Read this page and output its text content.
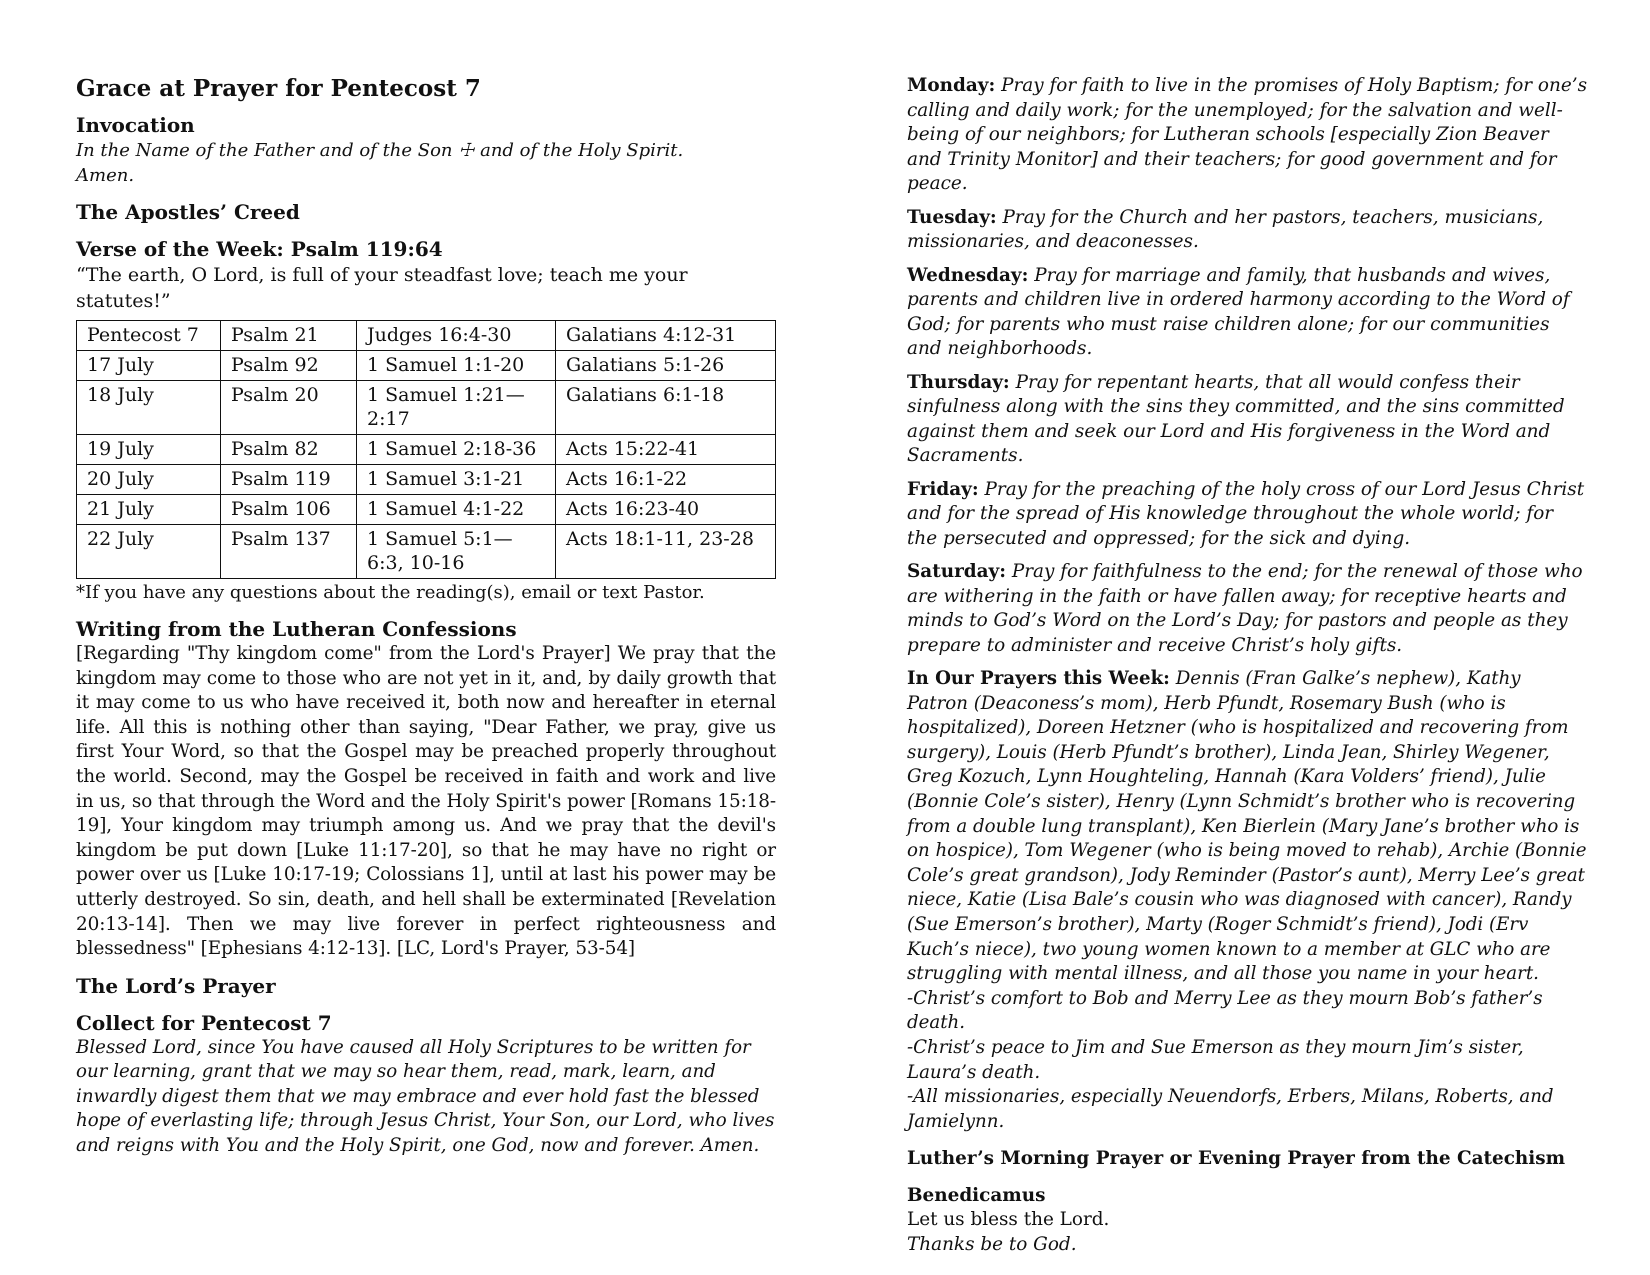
Grace at Prayer for Pentecost 7
Invocation

In the Name of the Father and of the Son ☩ and of the Holy Spirit.

Amen.

The Apostles’ Creed
Verse of the Week: Psalm 119:64

“The earth, O Lord, is full of your steadfast love; teach me your statutes!”

Pentecost 7	Psalm 21	Judges 16:4-30	Galatians 4:12-31
17 July	Psalm 92	1 Samuel 1:1-20	Galatians 5:1-26
18 July	Psalm 20	1 Samuel 1:21—2:17	Galatians 6:1-18
19 July	Psalm 82	1 Samuel 2:18-36	Acts 15:22-41
20 July	Psalm 119	1 Samuel 3:1-21	Acts 16:1-22
21 July	Psalm 106	1 Samuel 4:1-22	Acts 16:23-40
22 July	Psalm 137	1 Samuel 5:1—6:3, 10-16	Acts 18:1-11, 23-28
*If you have any questions about the reading(s), email or text Pastor.
Writing from the Lutheran Confessions

[Regarding "Thy kingdom come" from the Lord's Prayer] We pray that the kingdom may come to those who are not yet in it, and, by daily growth that it may come to us who have received it, both now and hereafter in eternal life. All this is nothing other than saying, "Dear Father, we pray, give us first Your Word, so that the Gospel may be preached properly throughout the world. Second, may the Gospel be received in faith and work and live in us, so that through the Word and the Holy Spirit's power [Romans 15:18-19], Your kingdom may triumph among us. And we pray that the devil's kingdom be put down [Luke 11:17-20], so that he may have no right or power over us [Luke 10:17-19; Colossians 1], until at last his power may be utterly destroyed. So sin, death, and hell shall be exterminated [Revelation 20:13-14]. Then we may live forever in perfect righteousness and blessedness" [Ephesians 4:12-13]. [LC, Lord's Prayer, 53-54]

The Lord’s Prayer
Collect for Pentecost 7

Blessed Lord, since You have caused all Holy Scriptures to be written for our learning, grant that we may so hear them, read, mark, learn, and inwardly digest them that we may embrace and ever hold fast the blessed hope of everlasting life; through Jesus Christ, Your Son, our Lord, who lives and reigns with You and the Holy Spirit, one God, now and forever. Amen.

Monday: Pray for faith to live in the promises of Holy Baptism; for one’s calling and daily work; for the unemployed; for the salvation and well-being of our neighbors; for Lutheran schools [especially Zion Beaver and Trinity Monitor] and their teachers; for good government and for peace.

Tuesday: Pray for the Church and her pastors, teachers, musicians, missionaries, and deaconesses.

Wednesday: Pray for marriage and family, that husbands and wives, parents and children live in ordered harmony according to the Word of God; for parents who must raise children alone; for our communities and neighborhoods.

Thursday: Pray for repentant hearts, that all would confess their sinfulness along with the sins they committed, and the sins committed against them and seek our Lord and His forgiveness in the Word and Sacraments.

Friday: Pray for the preaching of the holy cross of our Lord Jesus Christ and for the spread of His knowledge throughout the whole world; for the persecuted and oppressed; for the sick and dying.

Saturday: Pray for faithfulness to the end; for the renewal of those who are withering in the faith or have fallen away; for receptive hearts and minds to God’s Word on the Lord’s Day; for pastors and people as they prepare to administer and receive Christ’s holy gifts.

In Our Prayers this Week: Dennis (Fran Galke’s nephew), Kathy Patron (Deaconess’s mom), Herb Pfundt, Rosemary Bush (who is hospitalized), Doreen Hetzner (who is hospitalized and recovering from surgery), Louis (Herb Pfundt’s brother), Linda Jean, Shirley Wegener, Greg Kozuch, Lynn Houghteling, Hannah (Kara Volders’ friend), Julie (Bonnie Cole’s sister), Henry (Lynn Schmidt’s brother who is recovering from a double lung transplant), Ken Bierlein (Mary Jane’s brother who is on hospice), Tom Wegener (who is being moved to rehab), Archie (Bonnie Cole’s great grandson), Jody Reminder (Pastor’s aunt), Merry Lee’s great niece, Katie (Lisa Bale’s cousin who was diagnosed with cancer), Randy (Sue Emerson’s brother), Marty (Roger Schmidt’s friend), Jodi (Erv Kuch’s niece), two young women known to a member at GLC who are struggling with mental illness, and all those you name in your heart.

-Christ’s comfort to Bob and Merry Lee as they mourn Bob’s father’s death.

-Christ’s peace to Jim and Sue Emerson as they mourn Jim’s sister, Laura’s death.

-All missionaries, especially Neuendorfs, Erbers, Milans, Roberts, and Jamielynn.

Luther’s Morning Prayer or Evening Prayer from the Catechism
Benedicamus

Let us bless the Lord.

Thanks be to God.
